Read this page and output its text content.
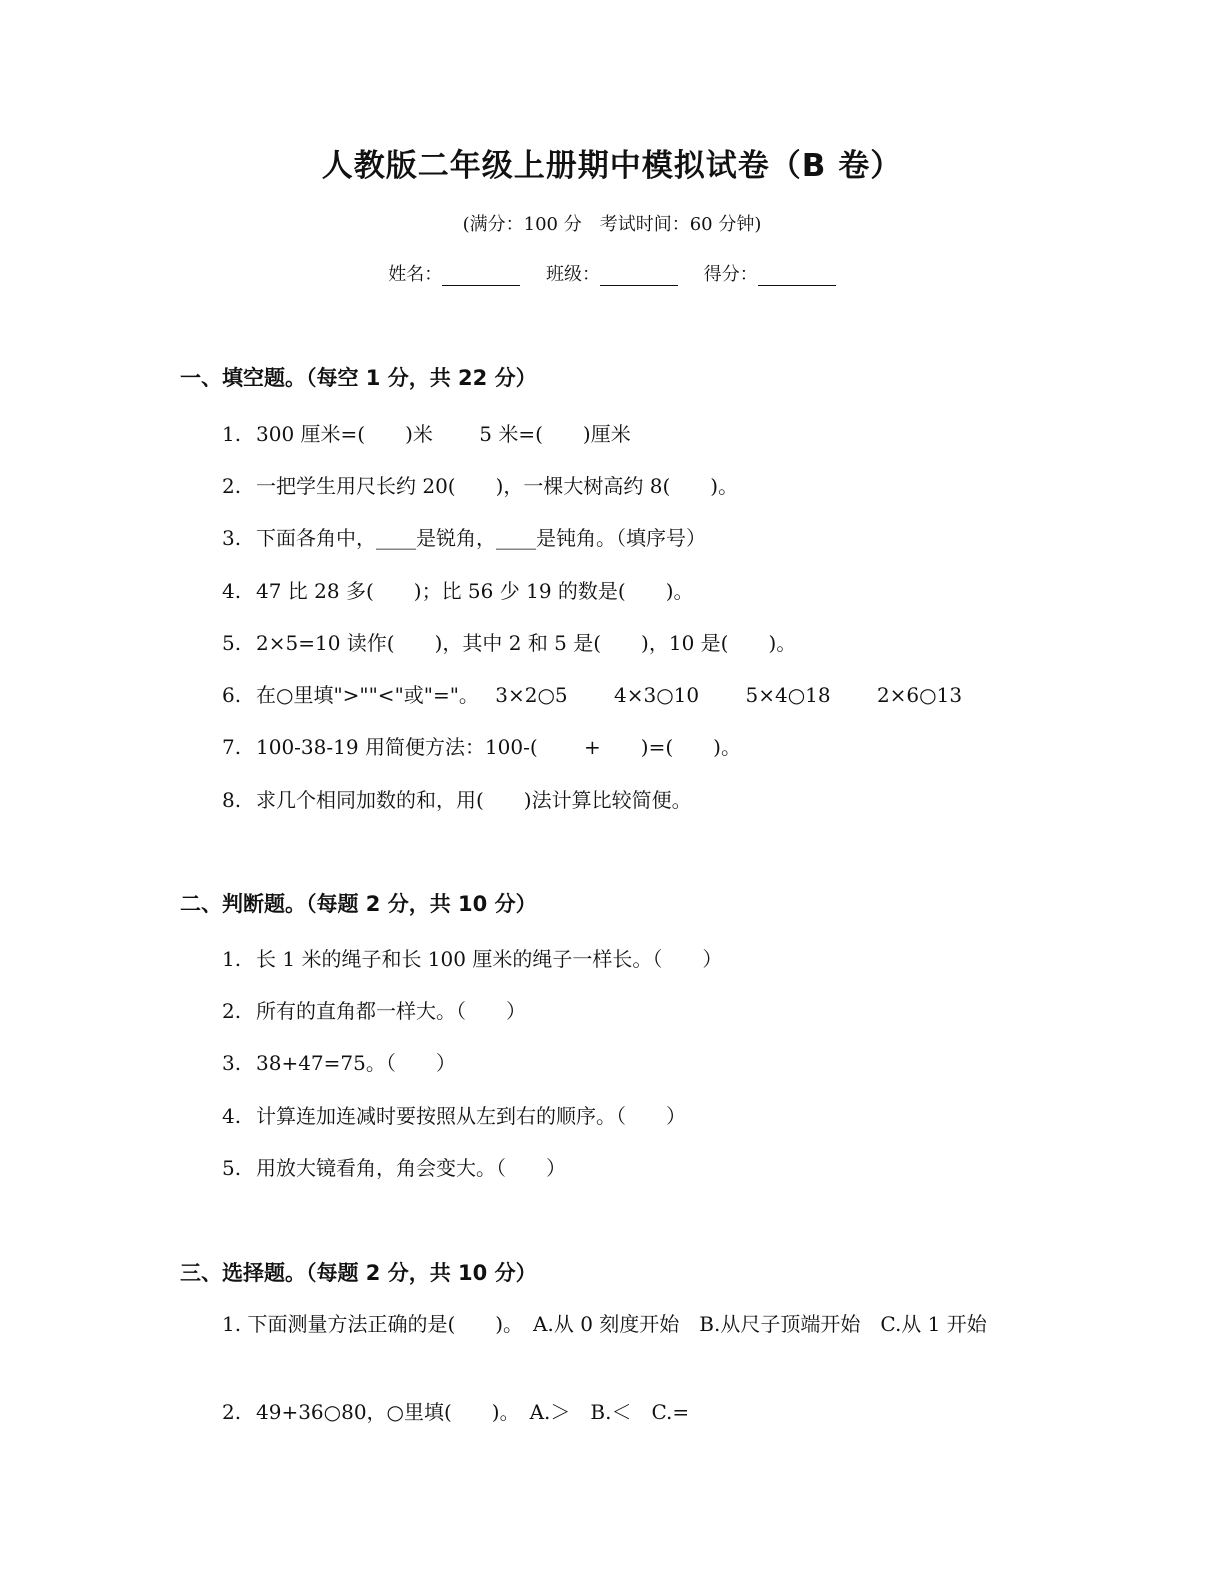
人教版二年级上册期中模拟试卷（B 卷）
(满分：100 分　考试时间：60 分钟)
姓名：	班级：	得分：
一、填空题。（每空 1 分，共 22 分）
1. 300 厘米=(　　)米　　 5 米=(　　)厘米
2. 一把学生用尺长约 20(　　)，一棵大树高约 8(　　)。
3. 下面各角中，____是锐角，____是钝角。（填序号）
4. 47 比 28 多(　　)；比 56 少 19 的数是(　　)。
5. 2×5=10 读作(　　)，其中 2 和 5 是(　　)，10 是(　　)。
6. 在○里填">""<"或"="。　 3×2○5　　 4×3○10　　 5×4○18　　 2×6○13
7. 100-38-19 用简便方法：100-(　　 +　　)=(　　)。
8. 求几个相同加数的和，用(　　)法计算比较简便。
二、判断题。（每题 2 分，共 10 分）
1. 长 1 米的绳子和长 100 厘米的绳子一样长。（　　）
2. 所有的直角都一样大。（　　）
3. 38+47=75。（　　）
4. 计算连加连减时要按照从左到右的顺序。（　　）
5. 用放大镜看角，角会变大。（　　）
三、选择题。（每题 2 分，共 10 分）
1. 下面测量方法正确的是(　　)。　A.从 0 刻度开始　B.从尺子顶端开始　C.从 1 开始
2. 49+36○80，○里填(　　)。　A.＞　B.＜　C.=
